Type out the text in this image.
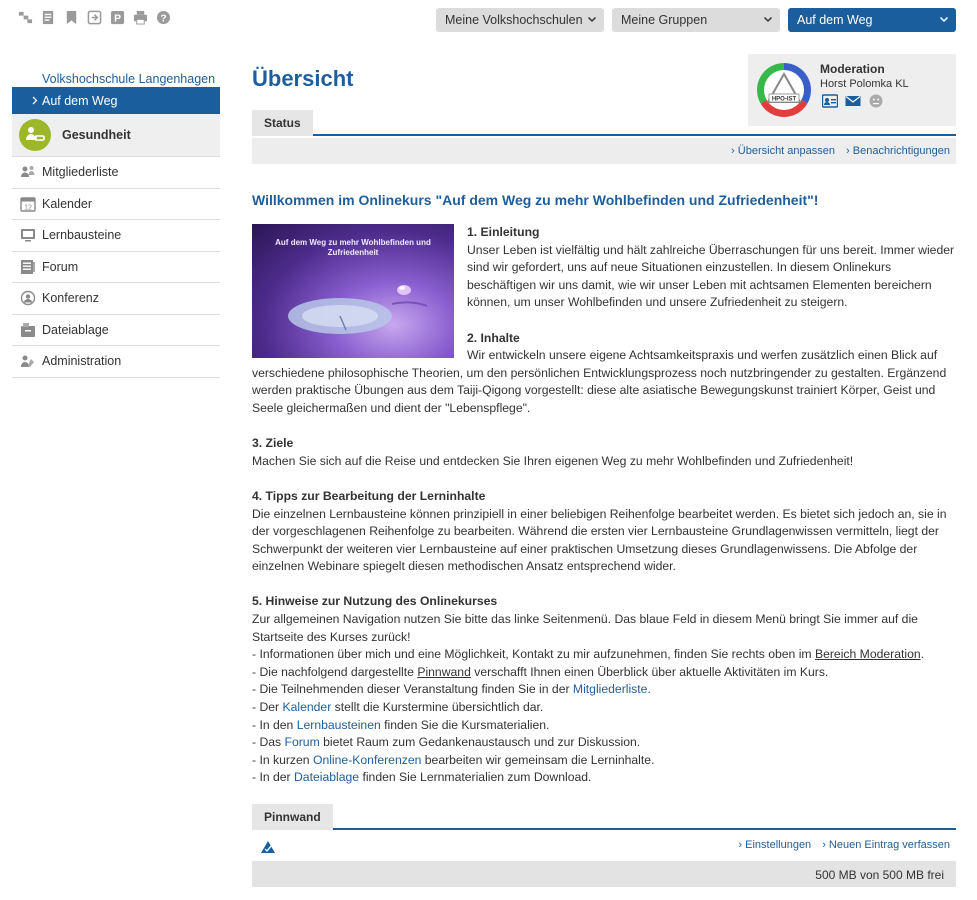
P	?	Meine Volkshochschulen	Meine Gruppen	Auf dem Weg
Volkshochschule Langenhagen
Auf dem Weg
Gesundheit
Mitgliederliste
12 Kalender
Lernbausteine
Forum
Konferenz
Dateiablage
Administration
Übersicht
HPO-IST
Moderation
Horst Polomka KL
Status
› Übersicht anpassen	› Benachrichtigungen
Willkommen im Onlinekurs "Auf dem Weg zu mehr Wohlbefinden und Zufriedenheit"!
Auf dem Weg zu mehr Wohlbefinden und Zufriedenheit

1. Einleitung

Unser Leben ist vielfältig und hält zahlreiche Überraschungen für uns bereit. Immer wieder sind wir gefordert, uns auf neue Situationen einzustellen. In diesem Onlinekurs beschäftigen wir uns damit, wie wir unser Leben mit achtsamen Elementen bereichern können, um unser Wohlbefinden und unsere Zufriedenheit zu steigern.

2. Inhalte

Wir entwickeln unsere eigene Achtsamkeitspraxis und werfen zusätzlich einen Blick auf verschiedene philosophische Theorien, um den persönlichen Entwicklungsprozess noch nutzbringender zu gestalten. Ergänzend werden praktische Übungen aus dem Taiji-Qigong vorgestellt: diese alte asiatische Bewegungskunst trainiert Körper, Geist und Seele gleichermaßen und dient der "Lebenspflege".

3. Ziele

Machen Sie sich auf die Reise und entdecken Sie Ihren eigenen Weg zu mehr Wohlbefinden und Zufriedenheit!

4. Tipps zur Bearbeitung der Lerninhalte

Die einzelnen Lernbausteine können prinzipiell in einer beliebigen Reihenfolge bearbeitet werden. Es bietet sich jedoch an, sie in der vorgeschlagenen Reihenfolge zu bearbeiten. Während die ersten vier Lernbausteine Grundlagenwissen vermitteln, liegt der Schwerpunkt der weiteren vier Lernbausteine auf einer praktischen Umsetzung dieses Grundlagenwissens. Die Abfolge der einzelnen Webinare spiegelt diesen methodischen Ansatz entsprechend wider.

5. Hinweise zur Nutzung des Onlinekurses

Zur allgemeinen Navigation nutzen Sie bitte das linke Seitenmenü. Das blaue Feld in diesem Menü bringt Sie immer auf die Startseite des Kurses zurück!

- Informationen über mich und eine Möglichkeit, Kontakt zu mir aufzunehmen, finden Sie rechts oben im Bereich Moderation.

- Die nachfolgend dargestellte Pinnwand verschafft Ihnen einen Überblick über aktuelle Aktivitäten im Kurs.

- Die Teilnehmenden dieser Veranstaltung finden Sie in der Mitgliederliste.

- Der Kalender stellt die Kurstermine übersichtlich dar.

- In den Lernbausteinen finden Sie die Kursmaterialien.

- Das Forum bietet Raum zum Gedankenaustausch und zur Diskussion.

- In kurzen Online-Konferenzen bearbeiten wir gemeinsam die Lerninhalte.

- In der Dateiablage finden Sie Lernmaterialien zum Download.

Pinnwand
› Einstellungen	› Neuen Eintrag verfassen
500 MB von 500 MB frei
